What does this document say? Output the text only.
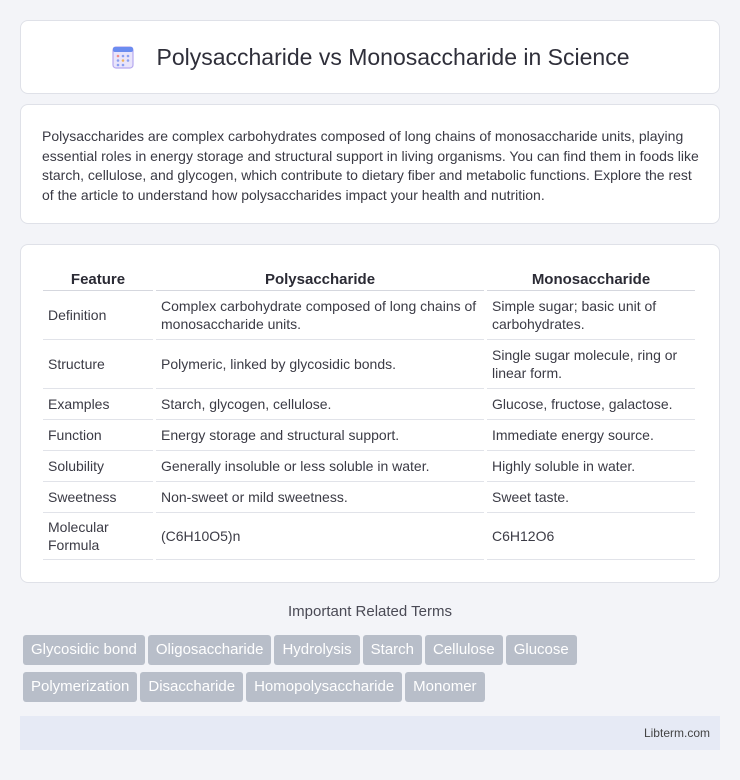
Polysaccharide vs Monosaccharide in Science

Polysaccharides are complex carbohydrates composed of long chains of monosaccharide units, playing essential roles in energy storage and structural support in living organisms. You can find them in foods like starch, cellulose, and glycogen, which contribute to dietary fiber and metabolic functions. Explore the rest of the article to understand how polysaccharides impact your health and nutrition.

Feature	Polysaccharide	Monosaccharide
Definition	Complex carbohydrate composed of long chains of monosaccharide units.	Simple sugar; basic unit of carbohydrates.
Structure	Polymeric, linked by glycosidic bonds.	Single sugar molecule, ring or linear form.
Examples	Starch, glycogen, cellulose.	Glucose, fructose, galactose.
Function	Energy storage and structural support.	Immediate energy source.
Solubility	Generally insoluble or less soluble in water.	Highly soluble in water.
Sweetness	Non-sweet or mild sweetness.	Sweet taste.
Molecular Formula	(C6H10O5)n	C6H12O6
Important Related Terms
Glycosidic bond Oligosaccharide Hydrolysis Starch Cellulose Glucose
Polymerization Disaccharide Homopolysaccharide Monomer
Libterm.com
